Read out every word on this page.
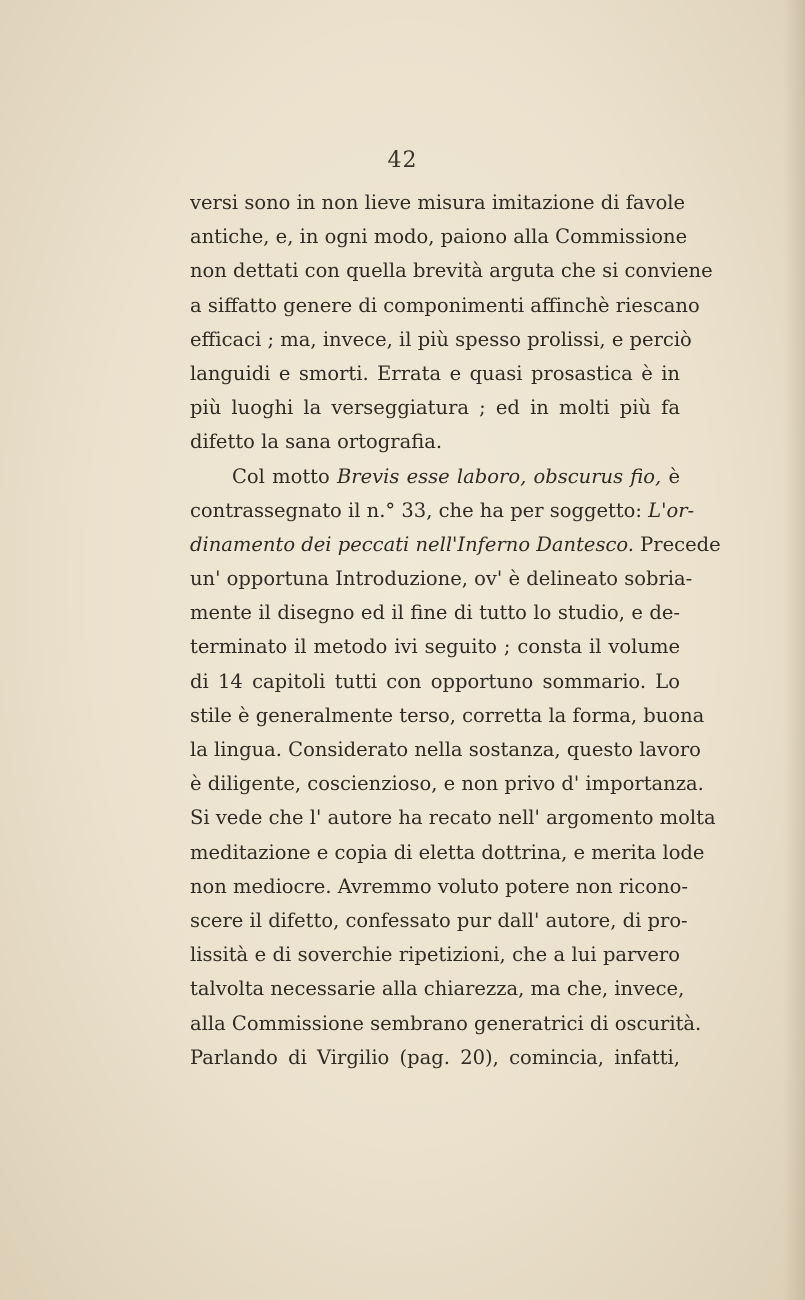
42
versi sono in non lieve misura imitazione di favole
antiche, e, in ogni modo, paiono alla Commissione
non dettati con quella brevità arguta che si conviene
a siffatto genere di componimenti affinchè riescano
efficaci ; ma, invece, il più spesso prolissi, e perciò
languidi e smorti. Errata e quasi prosastica è in
più luoghi la verseggiatura ; ed in molti più fa
difetto la sana ortografia.
Col motto Brevis esse laboro, obscurus fio, è
contrassegnato il n.° 33, che ha per soggetto: L'or-
dinamento dei peccati nell'Inferno Dantesco. Precede
un' opportuna Introduzione, ov' è delineato sobria-
mente il disegno ed il fine di tutto lo studio, e de-
terminato il metodo ivi seguito ; consta il volume
di 14 capitoli tutti con opportuno sommario. Lo
stile è generalmente terso, corretta la forma, buona
la lingua. Considerato nella sostanza, questo lavoro
è diligente, coscienzioso, e non privo d' importanza.
Si vede che l' autore ha recato nell' argomento molta
meditazione e copia di eletta dottrina, e merita lode
non mediocre. Avremmo voluto potere non ricono-
scere il difetto, confessato pur dall' autore, di pro-
lissità e di soverchie ripetizioni, che a lui parvero
talvolta necessarie alla chiarezza, ma che, invece,
alla Commissione sembrano generatrici di oscurità.
Parlando di Virgilio (pag. 20), comincia, infatti,
